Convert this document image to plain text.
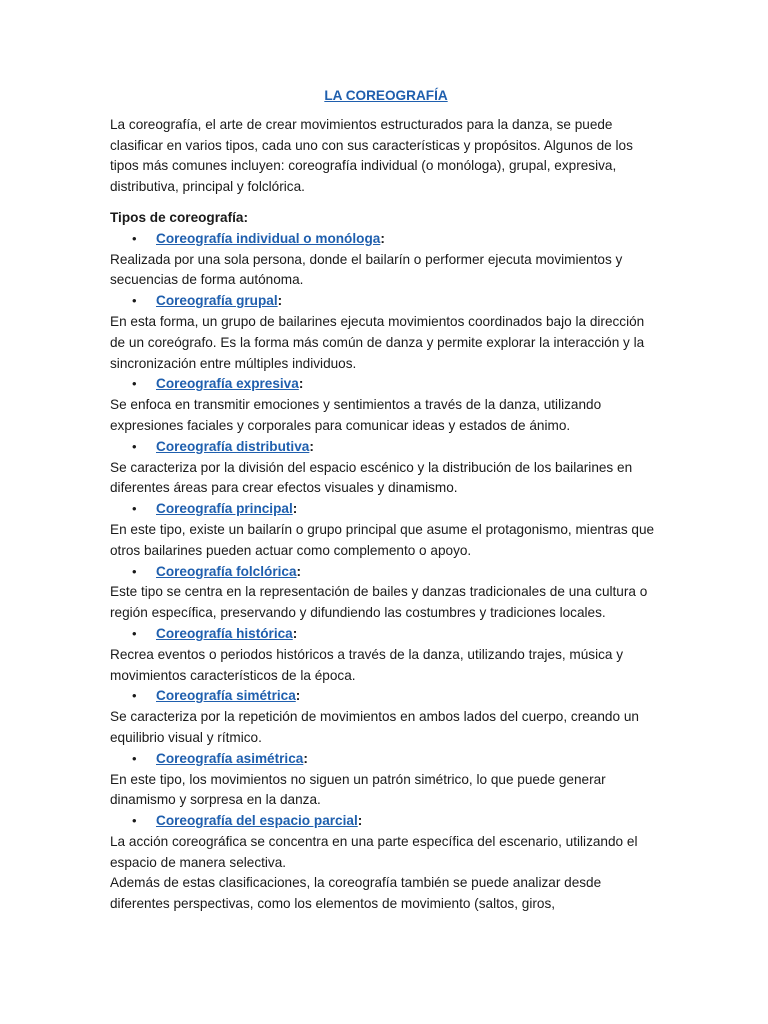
LA COREOGRAFÍA

La coreografía, el arte de crear movimientos estructurados para la danza, se puede clasificar en varios tipos, cada uno con sus características y propósitos. Algunos de los tipos más comunes incluyen: coreografía individual (o monóloga), grupal, expresiva, distributiva, principal y folclórica.

Tipos de coreografía:

• Coreografía individual o monóloga:

Realizada por una sola persona, donde el bailarín o performer ejecuta movimientos y secuencias de forma autónoma.

• Coreografía grupal:

En esta forma, un grupo de bailarines ejecuta movimientos coordinados bajo la dirección de un coreógrafo. Es la forma más común de danza y permite explorar la interacción y la sincronización entre múltiples individuos.

• Coreografía expresiva:

Se enfoca en transmitir emociones y sentimientos a través de la danza, utilizando expresiones faciales y corporales para comunicar ideas y estados de ánimo.

• Coreografía distributiva:

Se caracteriza por la división del espacio escénico y la distribución de los bailarines en diferentes áreas para crear efectos visuales y dinamismo.

• Coreografía principal:

En este tipo, existe un bailarín o grupo principal que asume el protagonismo, mientras que otros bailarines pueden actuar como complemento o apoyo.

• Coreografía folclórica:

Este tipo se centra en la representación de bailes y danzas tradicionales de una cultura o región específica, preservando y difundiendo las costumbres y tradiciones locales.

• Coreografía histórica:

Recrea eventos o periodos históricos a través de la danza, utilizando trajes, música y movimientos característicos de la época.

• Coreografía simétrica:

Se caracteriza por la repetición de movimientos en ambos lados del cuerpo, creando un equilibrio visual y rítmico.

• Coreografía asimétrica:

En este tipo, los movimientos no siguen un patrón simétrico, lo que puede generar dinamismo y sorpresa en la danza.

• Coreografía del espacio parcial:

La acción coreográfica se concentra en una parte específica del escenario, utilizando el espacio de manera selectiva.

Además de estas clasificaciones, la coreografía también se puede analizar desde diferentes perspectivas, como los elementos de movimiento (saltos, giros,
